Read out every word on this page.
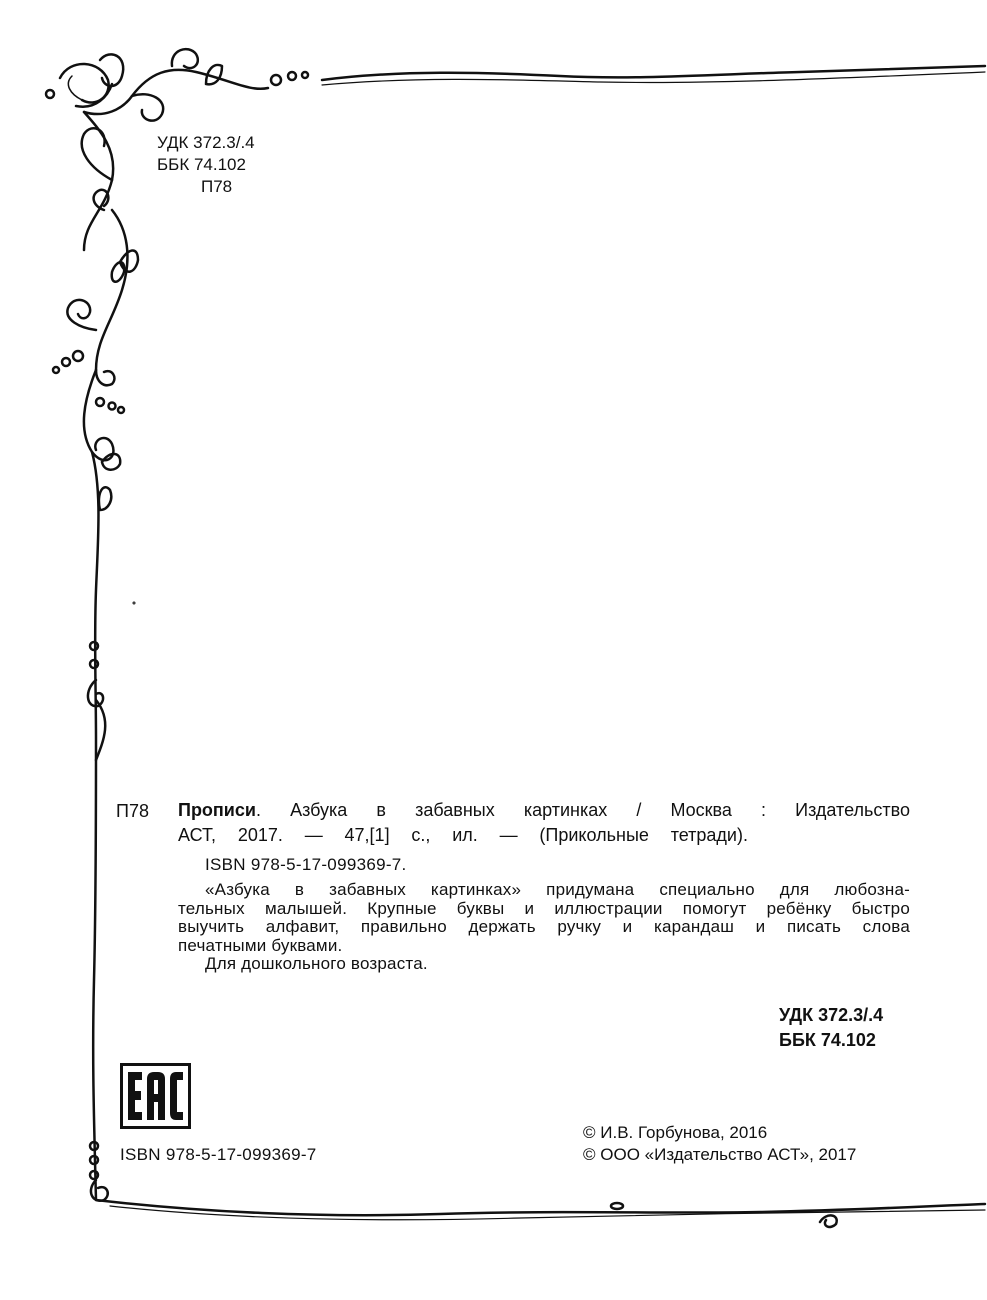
УДК 372.3/.4
ББК 74.102
П78
П78 Прописи. Азбука в забавных картинках / Москва : Издательство
АСТ, 2017. — 47,[1] с., ил. — (Прикольные тетради).
ISBN 978-5-17-099369-7.

«Азбука в забавных картинках» придумана специально для любозна-

тельных малышей. Крупные буквы и иллюстрации помогут ребёнку быстро

выучить алфавит, правильно держать ручку и карандаш и писать слова

печатными буквами.

Для дошкольного возраста.

УДК 372.3/.4
ББК 74.102
ISBN 978-5-17-099369-7
© И.В. Горбунова, 2016
© ООО «Издательство АСТ», 2017
